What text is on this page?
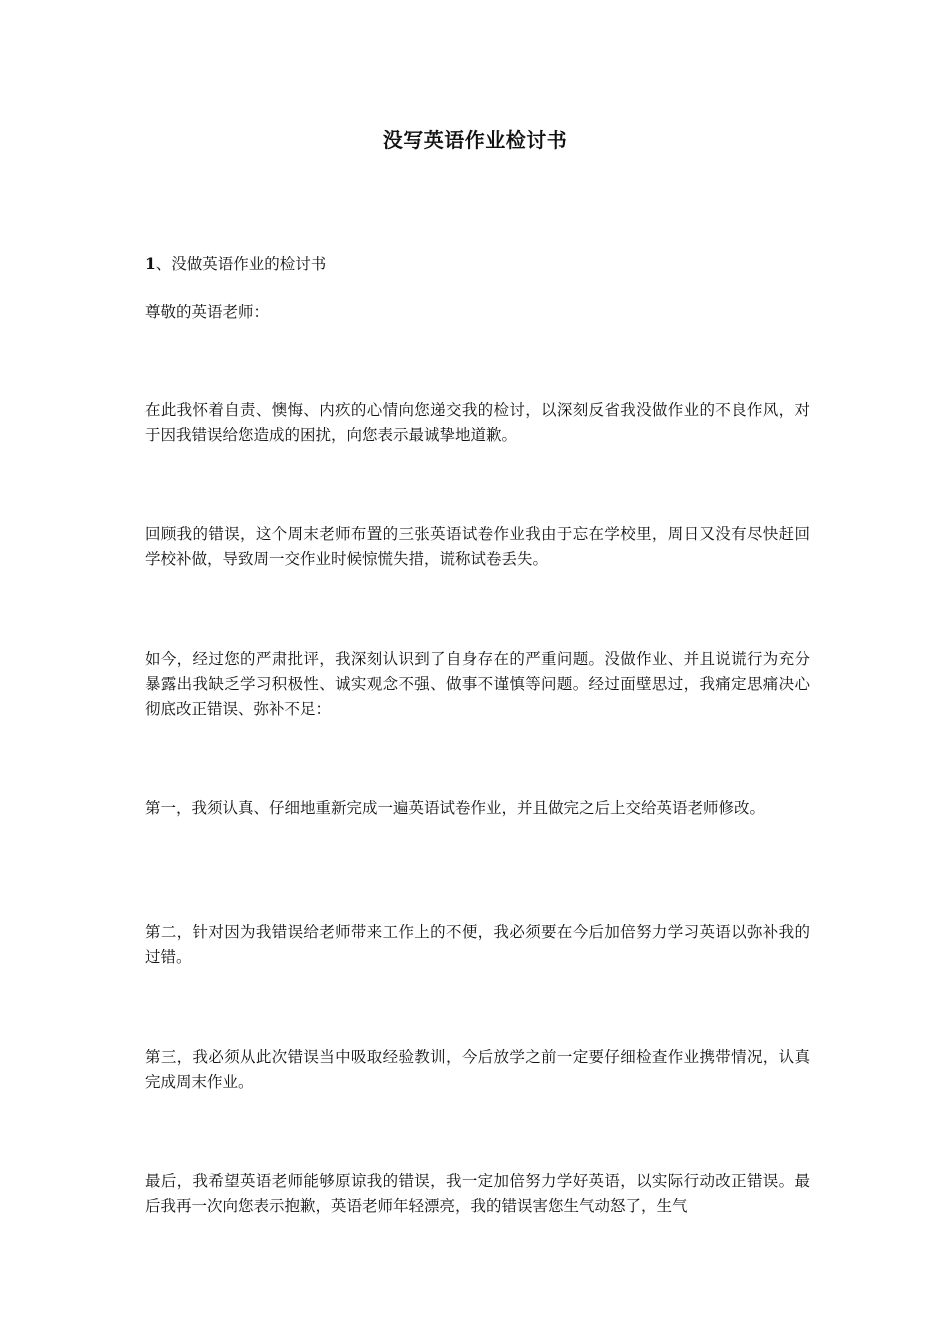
没写英语作业检讨书

1、没做英语作业的检讨书

尊敬的英语老师：

在此我怀着自责、懊悔、内疚的心情向您递交我的检讨，以深刻反省我没做作业的不良作风，对于因我错误给您造成的困扰，向您表示最诚挚地道歉。

回顾我的错误，这个周末老师布置的三张英语试卷作业我由于忘在学校里，周日又没有尽快赶回学校补做，导致周一交作业时候惊慌失措，谎称试卷丢失。

如今，经过您的严肃批评，我深刻认识到了自身存在的严重问题。没做作业、并且说谎行为充分暴露出我缺乏学习积极性、诚实观念不强、做事不谨慎等问题。经过面壁思过，我痛定思痛决心彻底改正错误、弥补不足：

第一，我须认真、仔细地重新完成一遍英语试卷作业，并且做完之后上交给英语老师修改。

第二，针对因为我错误给老师带来工作上的不便，我必须要在今后加倍努力学习英语以弥补我的过错。

第三，我必须从此次错误当中吸取经验教训，今后放学之前一定要仔细检查作业携带情况，认真完成周末作业。

最后，我希望英语老师能够原谅我的错误，我一定加倍努力学好英语，以实际行动改正错误。最后我再一次向您表示抱歉，英语老师年轻漂亮，我的错误害您生气动怒了，生气
